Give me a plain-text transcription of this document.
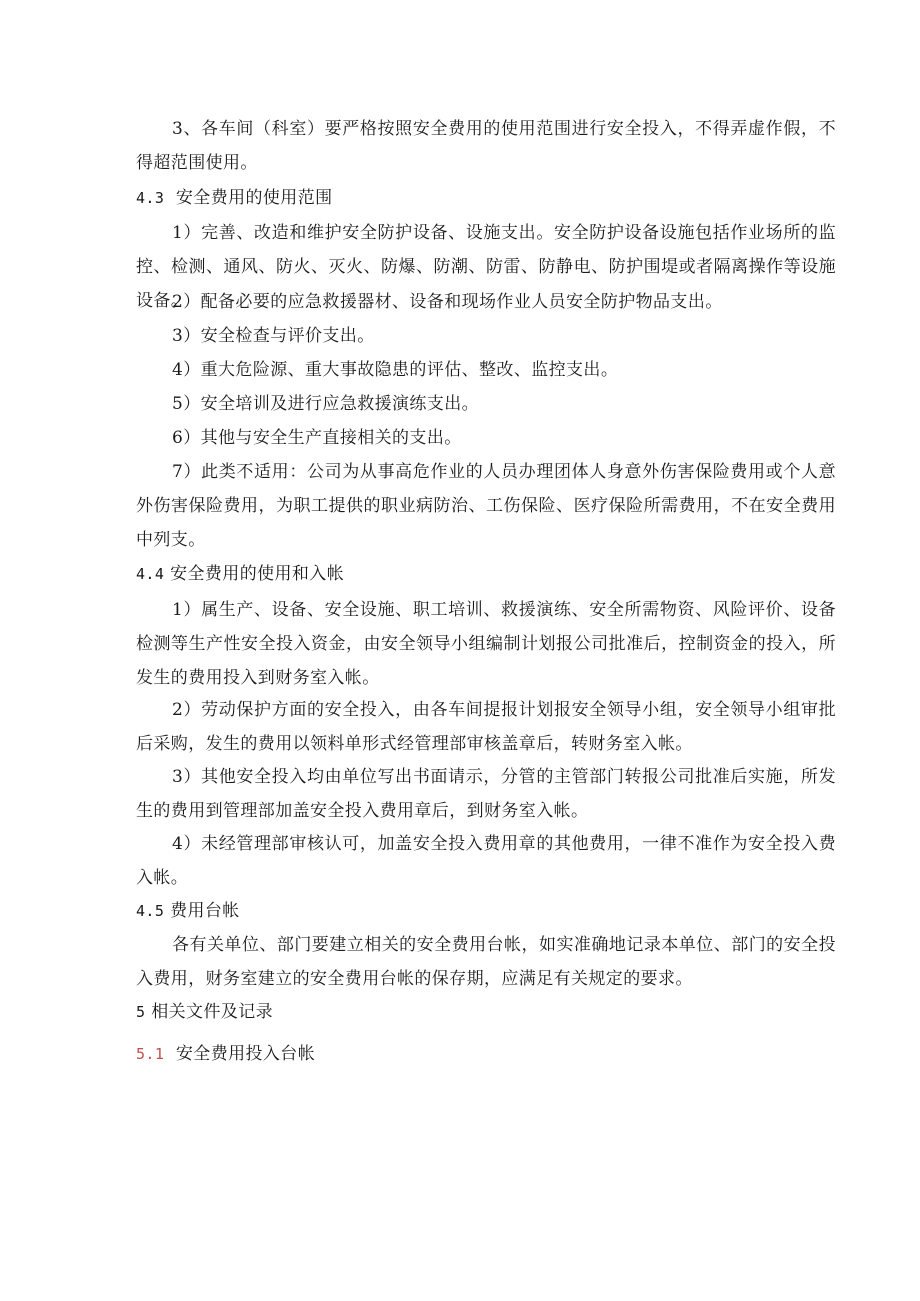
3、各车间（科室）要严格按照安全费用的使用范围进行安全投入，不得弄虚作假，不得超范围使用。

4.3 安全费用的使用范围

1）完善、改造和维护安全防护设备、设施支出。安全防护设备设施包括作业场所的监控、检测、通风、防火、灭火、防爆、防潮、防雷、防静电、防护围堤或者隔离操作等设施设备。

2）配备必要的应急救援器材、设备和现场作业人员安全防护物品支出。

3）安全检查与评价支出。

4）重大危险源、重大事故隐患的评估、整改、监控支出。

5）安全培训及进行应急救援演练支出。

6）其他与安全生产直接相关的支出。

7）此类不适用：公司为从事高危作业的人员办理团体人身意外伤害保险费用或个人意外伤害保险费用，为职工提供的职业病防治、工伤保险、医疗保险所需费用，不在安全费用中列支。

4.4 安全费用的使用和入帐

1）属生产、设备、安全设施、职工培训、救援演练、安全所需物资、风险评价、设备检测等生产性安全投入资金，由安全领导小组编制计划报公司批准后，控制资金的投入，所发生的费用投入到财务室入帐。

2）劳动保护方面的安全投入，由各车间提报计划报安全领导小组，安全领导小组审批后采购，发生的费用以领料单形式经管理部审核盖章后，转财务室入帐。

3）其他安全投入均由单位写出书面请示，分管的主管部门转报公司批准后实施，所发生的费用到管理部加盖安全投入费用章后，到财务室入帐。

4）未经管理部审核认可，加盖安全投入费用章的其他费用，一律不准作为安全投入费入帐。

4.5 费用台帐

各有关单位、部门要建立相关的安全费用台帐，如实准确地记录本单位、部门的安全投入费用，财务室建立的安全费用台帐的保存期，应满足有关规定的要求。

5 相关文件及记录

5.1 安全费用投入台帐
